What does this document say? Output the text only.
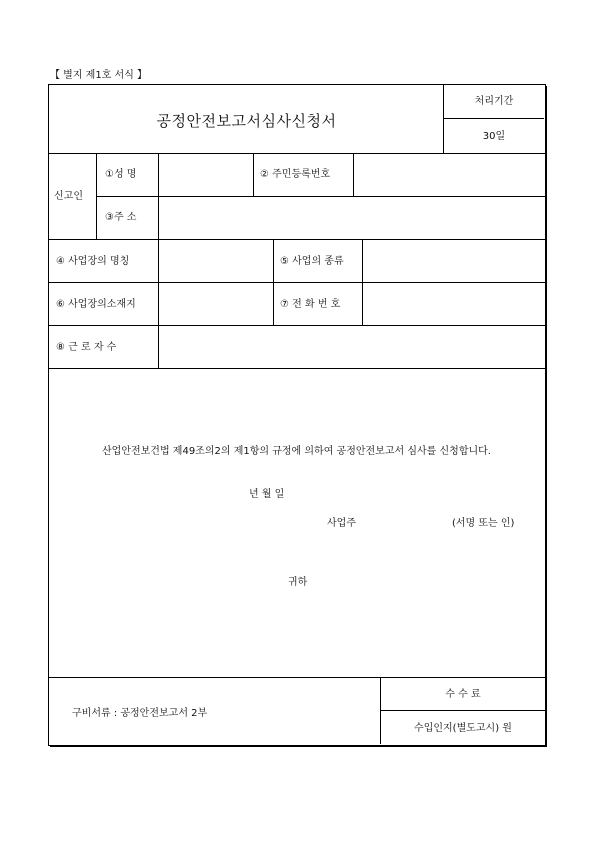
【 별지 제1호 서식 】
공정안전보고서심사신청서
처리기간
30일
신고인
①성 명	② 주민등록번호
③주 소
④ 사업장의 명칭	⑤ 사업의 종류
⑥ 사업장의소재지	⑦ 전 화 번 호
⑧ 근 로 자 수
산업안전보건법 제49조의2의 제1항의 규정에 의하여 공정안전보고서 심사를 신청합니다.
년 월 일
사업주	(서명 또는 인)
귀하
구비서류 : 공정안전보고서 2부
수 수 료
수입인지(별도고시) 원
